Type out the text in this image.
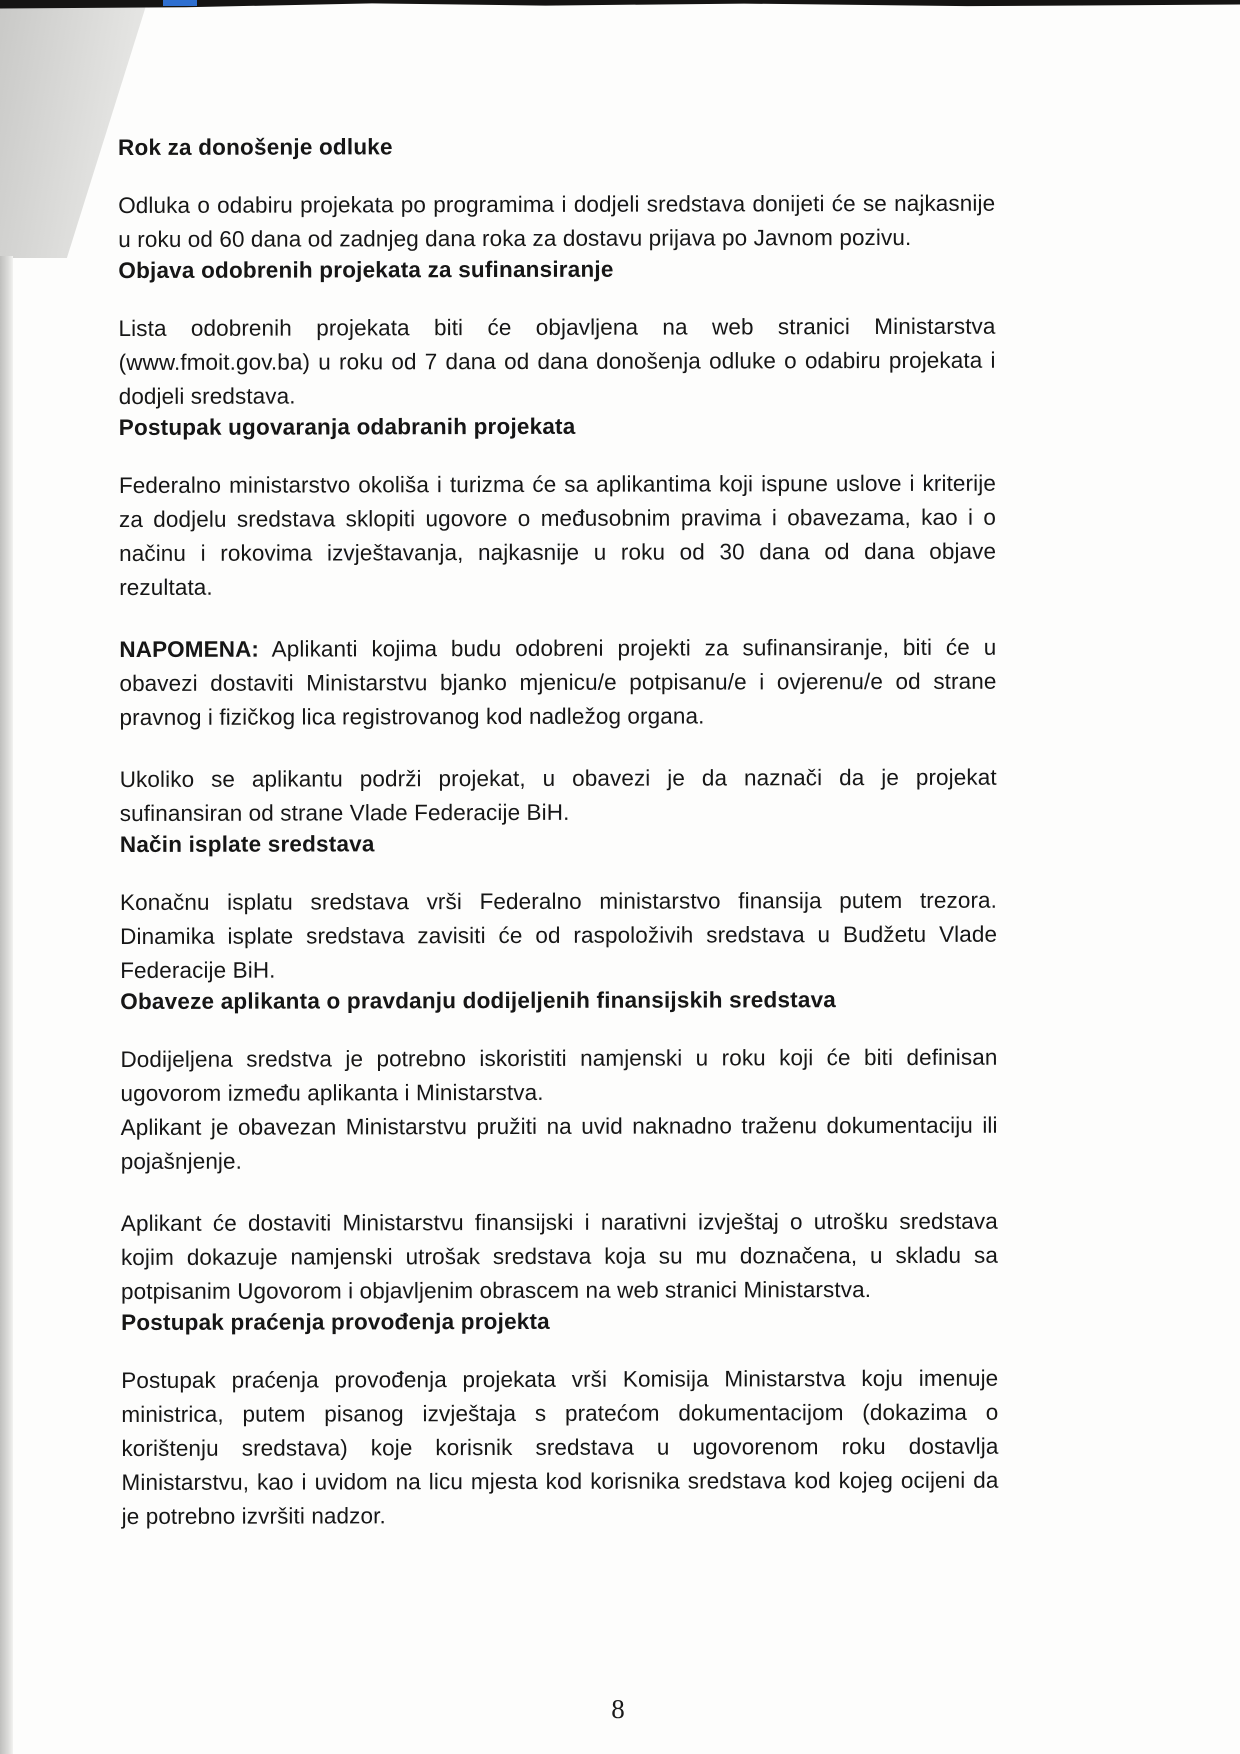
Rok za donošenje odluke

Odluka o odabiru projekata po programima i dodjeli sredstava donijeti će se najkasnije u roku od 60 dana od zadnjeg dana roka za dostavu prijava po Javnom pozivu.

Objava odobrenih projekata za sufinansiranje

Lista odobrenih projekata biti će objavljena na web stranici Ministarstva (www.fmoit.gov.ba) u roku od 7 dana od dana donošenja odluke o odabiru projekata i dodjeli sredstava.

Postupak ugovaranja odabranih projekata

Federalno ministarstvo okoliša i turizma će sa aplikantima koji ispune uslove i kriterije za dodjelu sredstava sklopiti ugovore o međusobnim pravima i obavezama, kao i o načinu i rokovima izvještavanja, najkasnije u roku od 30 dana od dana objave rezultata.

NAPOMENA: Aplikanti kojima budu odobreni projekti za sufinansiranje, biti će u obavezi dostaviti Ministarstvu bjanko mjenicu/e potpisanu/e i ovjerenu/e od strane pravnog i fizičkog lica registrovanog kod nadležog organa.

Ukoliko se aplikantu podrži projekat, u obavezi je da naznači da je projekat sufinansiran od strane Vlade Federacije BiH.

Način isplate sredstava

Konačnu isplatu sredstava vrši Federalno ministarstvo finansija putem trezora. Dinamika isplate sredstava zavisiti će od raspoloživih sredstava u Budžetu Vlade Federacije BiH.

Obaveze aplikanta o pravdanju dodijeljenih finansijskih sredstava

Dodijeljena sredstva je potrebno iskoristiti namjenski u roku koji će biti definisan ugovorom između aplikanta i Ministarstva.

Aplikant je obavezan Ministarstvu pružiti na uvid naknadno traženu dokumentaciju ili pojašnjenje.

Aplikant će dostaviti Ministarstvu finansijski i narativni izvještaj o utrošku sredstava kojim dokazuje namjenski utrošak sredstava koja su mu doznačena, u skladu sa potpisanim Ugovorom i objavljenim obrascem na web stranici Ministarstva.

Postupak praćenja provođenja projekta

Postupak praćenja provođenja projekata vrši Komisija Ministarstva koju imenuje ministrica, putem pisanog izvještaja s pratećom dokumentacijom (dokazima o korištenju sredstava) koje korisnik sredstava u ugovorenom roku dostavlja Ministarstvu, kao i uvidom na licu mjesta kod korisnika sredstava kod kojeg ocijeni da je potrebno izvršiti nadzor.

8
